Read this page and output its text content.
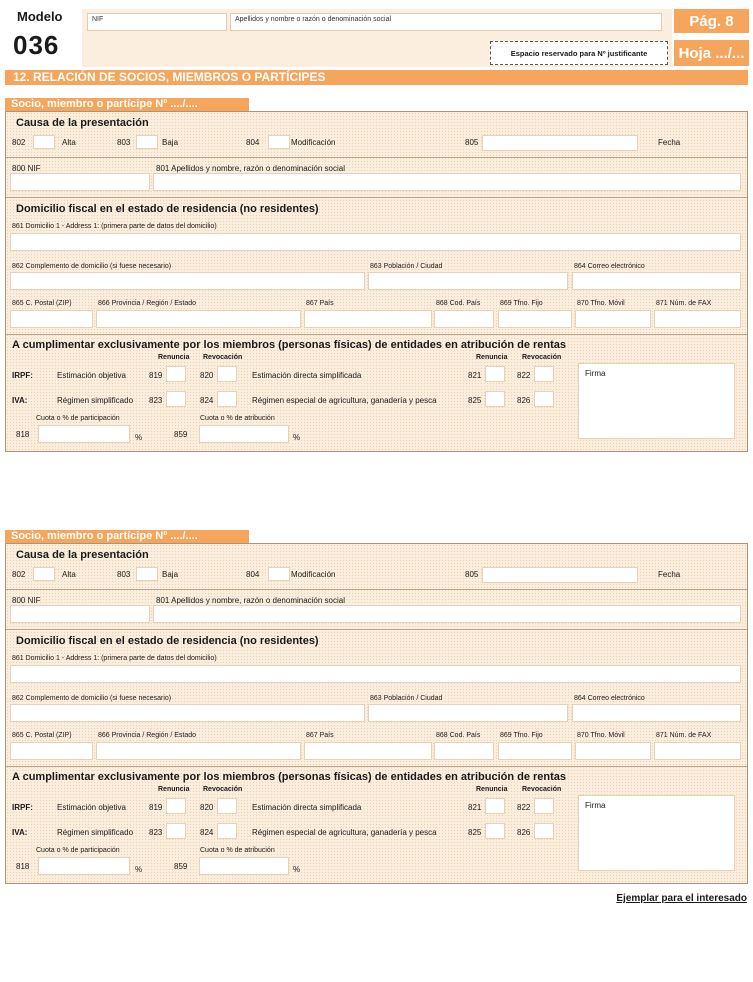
Modelo
036
NIF	Apellidos y nombre o razón o denominación social
Espacio reservado para Nº justificante
Pág. 8
Hoja .../...
12. RELACIÓN DE SOCIOS, MIEMBROS O PARTÍCIPES
Socio, miembro o partícipe Nº ..../....
Causa de la presentación
802	Alta	803	Baja	804	Modificación	805	Fecha
800 NIF	801 Apellidos y nombre, razón o denominación social
Domicilio fiscal en el estado de residencia (no residentes)
861 Domicilio 1 - Address 1: (primera parte de datos del domicilio)
862 Complemento de domicilio (si fuese necesario)	863 Población / Ciudad	864 Correo electrónico
865 C. Postal (ZIP)	866 Provincia / Región / Estado	867 País	868 Cod. País	869 Tfno. Fijo	870 Tfno. Móvil	871 Núm. de FAX
A cumplimentar exclusivamente por los miembros (personas físicas) de entidades en atribución de rentas
Renuncia Revocación	Renuncia Revocación
IRPF:	Estimación objetiva	819	820	Estimación directa simplificada	821	822
IVA:	Régimen simplificado 823	824	Régimen especial de agricultura, ganadería y pesca	825	826
Cuota o % de participación
818	%
Cuota o % de atribución
859	%
Firma
Socio, miembro o partícipe Nº ..../....
Causa de la presentación
802	Alta	803	Baja	804	Modificación	805	Fecha
800 NIF	801 Apellidos y nombre, razón o denominación social
Domicilio fiscal en el estado de residencia (no residentes)
861 Domicilio 1 - Address 1: (primera parte de datos del domicilio)
862 Complemento de domicilio (si fuese necesario)	863 Población / Ciudad	864 Correo electrónico
865 C. Postal (ZIP)	866 Provincia / Región / Estado	867 País	868 Cod. País	869 Tfno. Fijo	870 Tfno. Móvil	871 Núm. de FAX
A cumplimentar exclusivamente por los miembros (personas físicas) de entidades en atribución de rentas
Renuncia Revocación	Renuncia Revocación
IRPF:	Estimación objetiva	819	820	Estimación directa simplificada	821	822
IVA:	Régimen simplificado 823	824	Régimen especial de agricultura, ganadería y pesca	825	826
Cuota o % de participación
818	%
Cuota o % de atribución
859	%
Firma
Ejemplar para el interesado
